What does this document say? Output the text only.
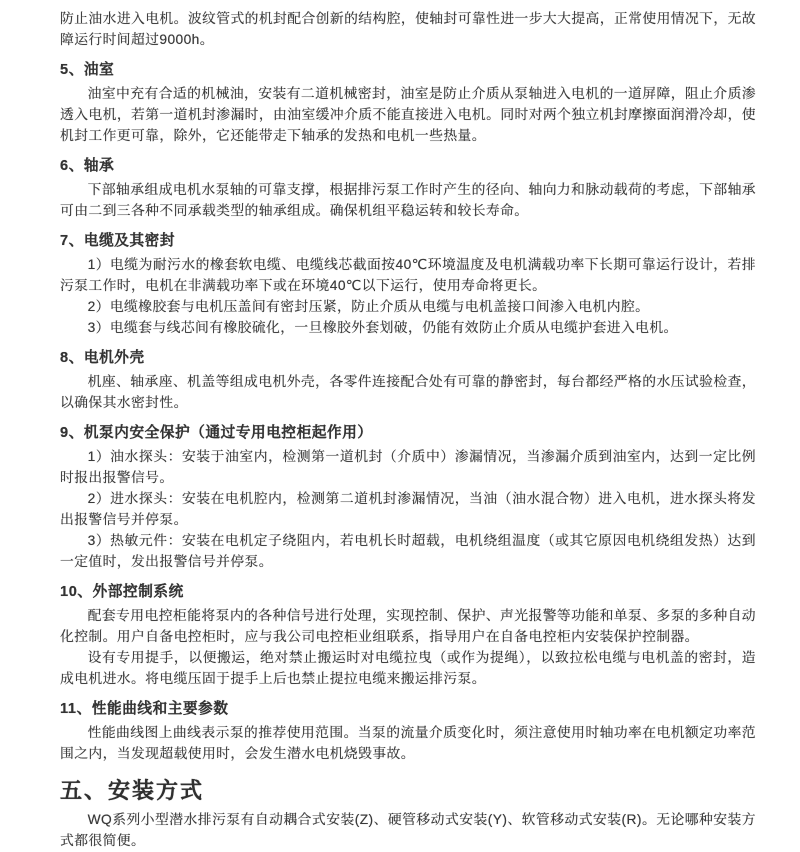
防止油水进入电机。波纹管式的机封配合创新的结构腔，使轴封可靠性进一步大大提高，正常使用情况下，无故障运行时间超过9000h。

5、油室

油室中充有合适的机械油，安装有二道机械密封，油室是防止介质从泵轴进入电机的一道屏障，阻止介质渗透入电机，若第一道机封渗漏时，由油室缓冲介质不能直接进入电机。同时对两个独立机封摩擦面润滑冷却，使机封工作更可靠，除外，它还能带走下轴承的发热和电机一些热量。

6、轴承

下部轴承组成电机水泵轴的可靠支撑，根据排污泵工作时产生的径向、轴向力和脉动载荷的考虑，下部轴承可由二到三各种不同承载类型的轴承组成。确保机组平稳运转和较长寿命。

7、电缆及其密封

1）电缆为耐污水的橡套软电缆、电缆线芯截面按40℃环境温度及电机满载功率下长期可靠运行设计，若排污泵工作时，电机在非满载功率下或在环境40℃以下运行，使用寿命将更长。

2）电缆橡胶套与电机压盖间有密封压紧，防止介质从电缆与电机盖接口间渗入电机内腔。

3）电缆套与线芯间有橡胶硫化，一旦橡胶外套划破，仍能有效防止介质从电缆护套进入电机。

8、电机外壳

机座、轴承座、机盖等组成电机外壳，各零件连接配合处有可靠的静密封，每台都经严格的水压试验检查，以确保其水密封性。

9、机泵内安全保护（通过专用电控柜起作用）

1）油水探头：安装于油室内，检测第一道机封（介质中）渗漏情况，当渗漏介质到油室内，达到一定比例时报出报警信号。

2）进水探头：安装在电机腔内，检测第二道机封渗漏情况，当油（油水混合物）进入电机，进水探头将发出报警信号并停泵。

3）热敏元件：安装在电机定子绕阻内，若电机长时超载，电机绕组温度（或其它原因电机绕组发热）达到一定值时，发出报警信号并停泵。

10、外部控制系统

配套专用电控柜能将泵内的各种信号进行处理，实现控制、保护、声光报警等功能和单泵、多泵的多种自动化控制。用户自备电控柜时，应与我公司电控柜业组联系，指导用户在自备电控柜内安装保护控制器。

设有专用提手，以便搬运，绝对禁止搬运时对电缆拉曳（或作为提绳），以致拉松电缆与电机盖的密封，造成电机进水。将电缆压固于提手上后也禁止提拉电缆来搬运排污泵。

11、性能曲线和主要参数

性能曲线图上曲线表示泵的推荐使用范围。当泵的流量介质变化时，须注意使用时轴功率在电机额定功率范围之内，当发现超载使用时，会发生潜水电机烧毁事故。

五、安装方式

WQ系列小型潜水排污泵有自动耦合式安装(Z)、硬管移动式安装(Y)、软管移动式安装(R)。无论哪种安装方式都很简便。
